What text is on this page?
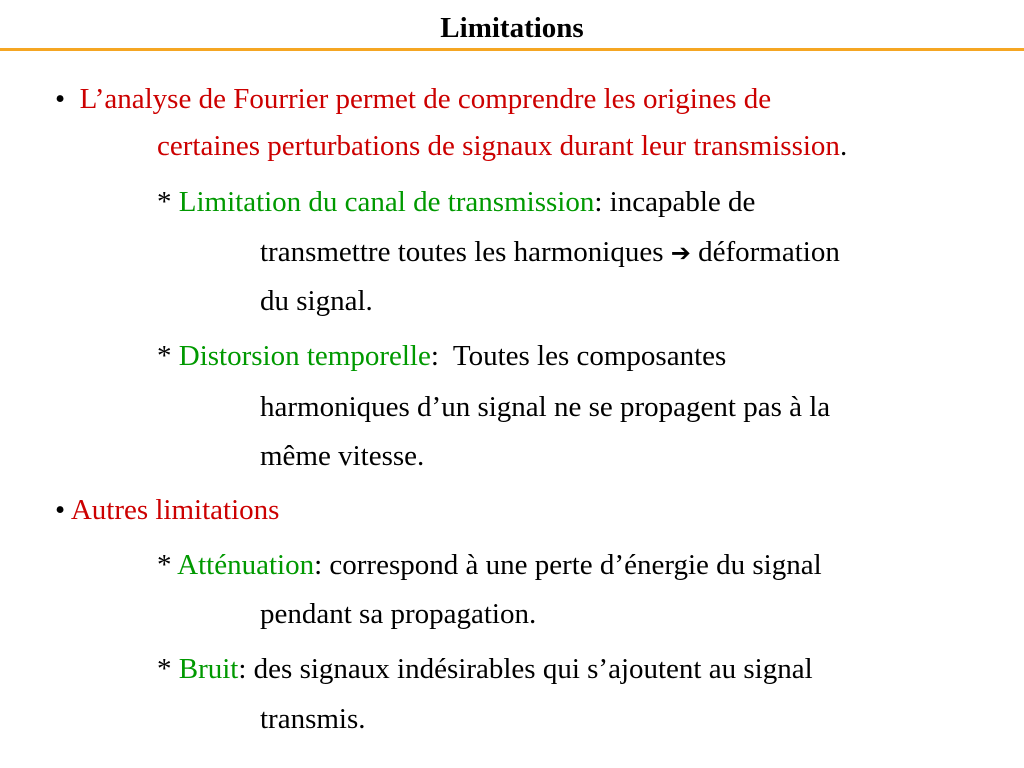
Limitations
• L’analyse de Fourrier permet de comprendre les origines de
certaines perturbations de signaux durant leur transmission.
* Limitation du canal de transmission: incapable de
transmettre toutes les harmoniques ➔ déformation
du signal.
* Distorsion temporelle:  Toutes les composantes
harmoniques d’un signal ne se propagent pas à la
même vitesse.
• Autres limitations
* Atténuation: correspond à une perte d’énergie du signal
pendant sa propagation.
* Bruit: des signaux indésirables qui s’ajoutent au signal
transmis.
